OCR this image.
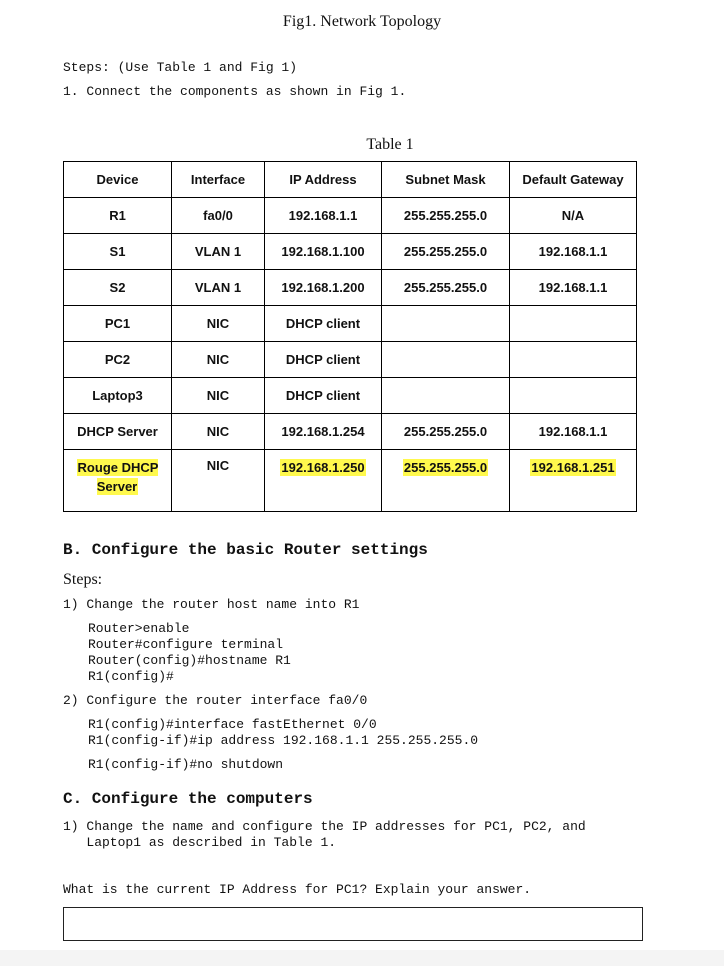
Fig1. Network Topology
Steps: (Use Table 1 and Fig 1)
1. Connect the components as shown in Fig 1.
Table 1
Device	Interface	IP Address	Subnet Mask	Default Gateway
R1	fa0/0	192.168.1.1	255.255.255.0	N/A
S1	VLAN 1	192.168.1.100	255.255.255.0	192.168.1.1
S2	VLAN 1	192.168.1.200	255.255.255.0	192.168.1.1
PC1	NIC	DHCP client		
PC2	NIC	DHCP client		
Laptop3	NIC	DHCP client		
DHCP Server	NIC	192.168.1.254	255.255.255.0	192.168.1.1
Rouge DHCP Server	NIC	192.168.1.250	255.255.255.0	192.168.1.251
B. Configure the basic Router settings
Steps:
1) Change the router host name into R1
Router>enable
Router#configure terminal
Router(config)#hostname R1
R1(config)#
2) Configure the router interface fa0/0
R1(config)#interface fastEthernet 0/0
R1(config-if)#ip address 192.168.1.1 255.255.255.0
R1(config-if)#no shutdown
C. Configure the computers
1) Change the name and configure the IP addresses for PC1, PC2, and
Laptop1 as described in Table 1.
What is the current IP Address for PC1? Explain your answer.
